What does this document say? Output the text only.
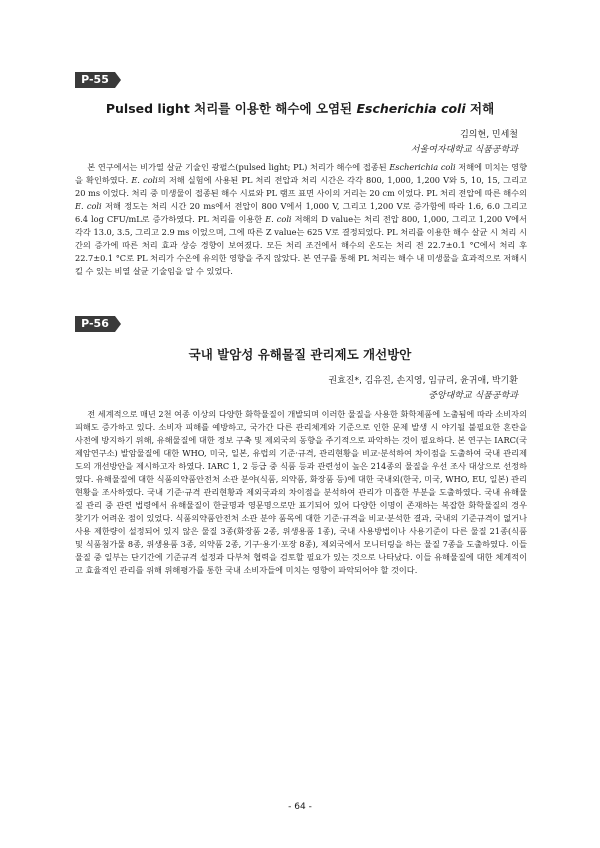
P-55
Pulsed light 처리를 이용한 해수에 오염된 Escherichia coli 저해
김의현, 민세철
서울여자대학교 식품공학과

본 연구에서는 비가열 살균 기술인 광펄스(pulsed light; PL) 처리가 해수에 접종된 Escherichia coli 저해에 미치는 영향을 확인하였다. E. coli의 저해 실험에 사용된 PL 처리 전압과 처리 시간은 각각 800, 1,000, 1,200 V와 5, 10, 15, 그리고 20 ms 이었다. 처리 중 미생물이 접종된 해수 시료와 PL 램프 표면 사이의 거리는 20 cm 이었다. PL 처리 전압에 따른 해수의 E. coli 저해 정도는 처리 시간 20 ms에서 전압이 800 V에서 1,000 V, 그리고 1,200 V로 증가함에 따라 1.6, 6.0 그리고 6.4 log CFU/mL로 증가하였다. PL 처리를 이용한 E. coli 저해의 D value는 처리 전압 800, 1,000, 그리고 1,200 V에서 각각 13.0, 3.5, 그리고 2.9 ms 이었으며, 그에 따른 Z value는 625 V로 결정되었다. PL 처리를 이용한 해수 살균 시 처리 시간의 증가에 따른 처리 효과 상승 경향이 보여졌다. 모든 처리 조건에서 해수의 온도는 처리 전 22.7±0.1 °C에서 처리 후 22.7±0.1 °C로 PL 처리가 수온에 유의한 영향을 주지 않았다. 본 연구를 통해 PL 처리는 해수 내 미생물을 효과적으로 저해시킬 수 있는 비열 살균 기술임을 알 수 있었다.

P-56
국내 발암성 유해물질 관리제도 개선방안
권효진*, 김유진, 손지영, 임규리, 윤귀애, 박기환
중앙대학교 식품공학과

전 세계적으로 매년 2천 여종 이상의 다양한 화학물질이 개발되며 이러한 물질을 사용한 화학제품에 노출됨에 따라 소비자의 피해도 증가하고 있다. 소비자 피해를 예방하고, 국가간 다른 관리체계와 기준으로 인한 문제 발생 시 야기될 불필요한 혼란을 사전에 방지하기 위해, 유해물질에 대한 정보 구축 및 제외국의 동향을 주기적으로 파악하는 것이 필요하다. 본 연구는 IARC(국제암연구소) 발암물질에 대한 WHO, 미국, 일본, 유럽의 기준·규격, 관리현황을 비교·분석하여 차이점을 도출하여 국내 관리제도의 개선방안을 제시하고자 하였다. IARC 1, 2 등급 중 식품 등과 관련성이 높은 214종의 물질을 우선 조사 대상으로 선정하였다. 유해물질에 대한 식품의약품안전처 소관 분야(식품, 의약품, 화장품 등)에 대한 국내외(한국, 미국, WHO, EU, 일본) 관리현황을 조사하였다. 국내 기준·규격 관리현황과 제외국과의 차이점을 분석하여 관리가 미흡한 부분을 도출하였다. 국내 유해물질 관리 중 관련 법령에서 유해물질이 한글명과 영문명으로만 표기되어 있어 다양한 이명이 존재하는 복잡한 화학물질의 경우 찾기가 어려운 점이 있었다. 식품의약품안전처 소관 분야 품목에 대한 기준·규격을 비교·분석한 결과, 국내의 기준규격이 없거나 사용 제한량이 설정되어 있지 않은 물질 3종(화장품 2종, 위생용품 1종), 국내 사용방법이나 사용기준이 다른 물질 21종(식품 및 식품첨가물 8종, 위생용품 3종, 의약품 2종, 기구·용기·포장 8종), 제외국에서 모니터링을 하는 물질 7종을 도출하였다. 이들 물질 중 일부는 단기간에 기준규격 설정과 다부처 협력을 검토할 필요가 있는 것으로 나타났다. 이들 유해물질에 대한 체계적이고 효율적인 관리를 위해 위해평가를 통한 국내 소비자들에 미치는 영향이 파악되어야 할 것이다.

- 64 -
